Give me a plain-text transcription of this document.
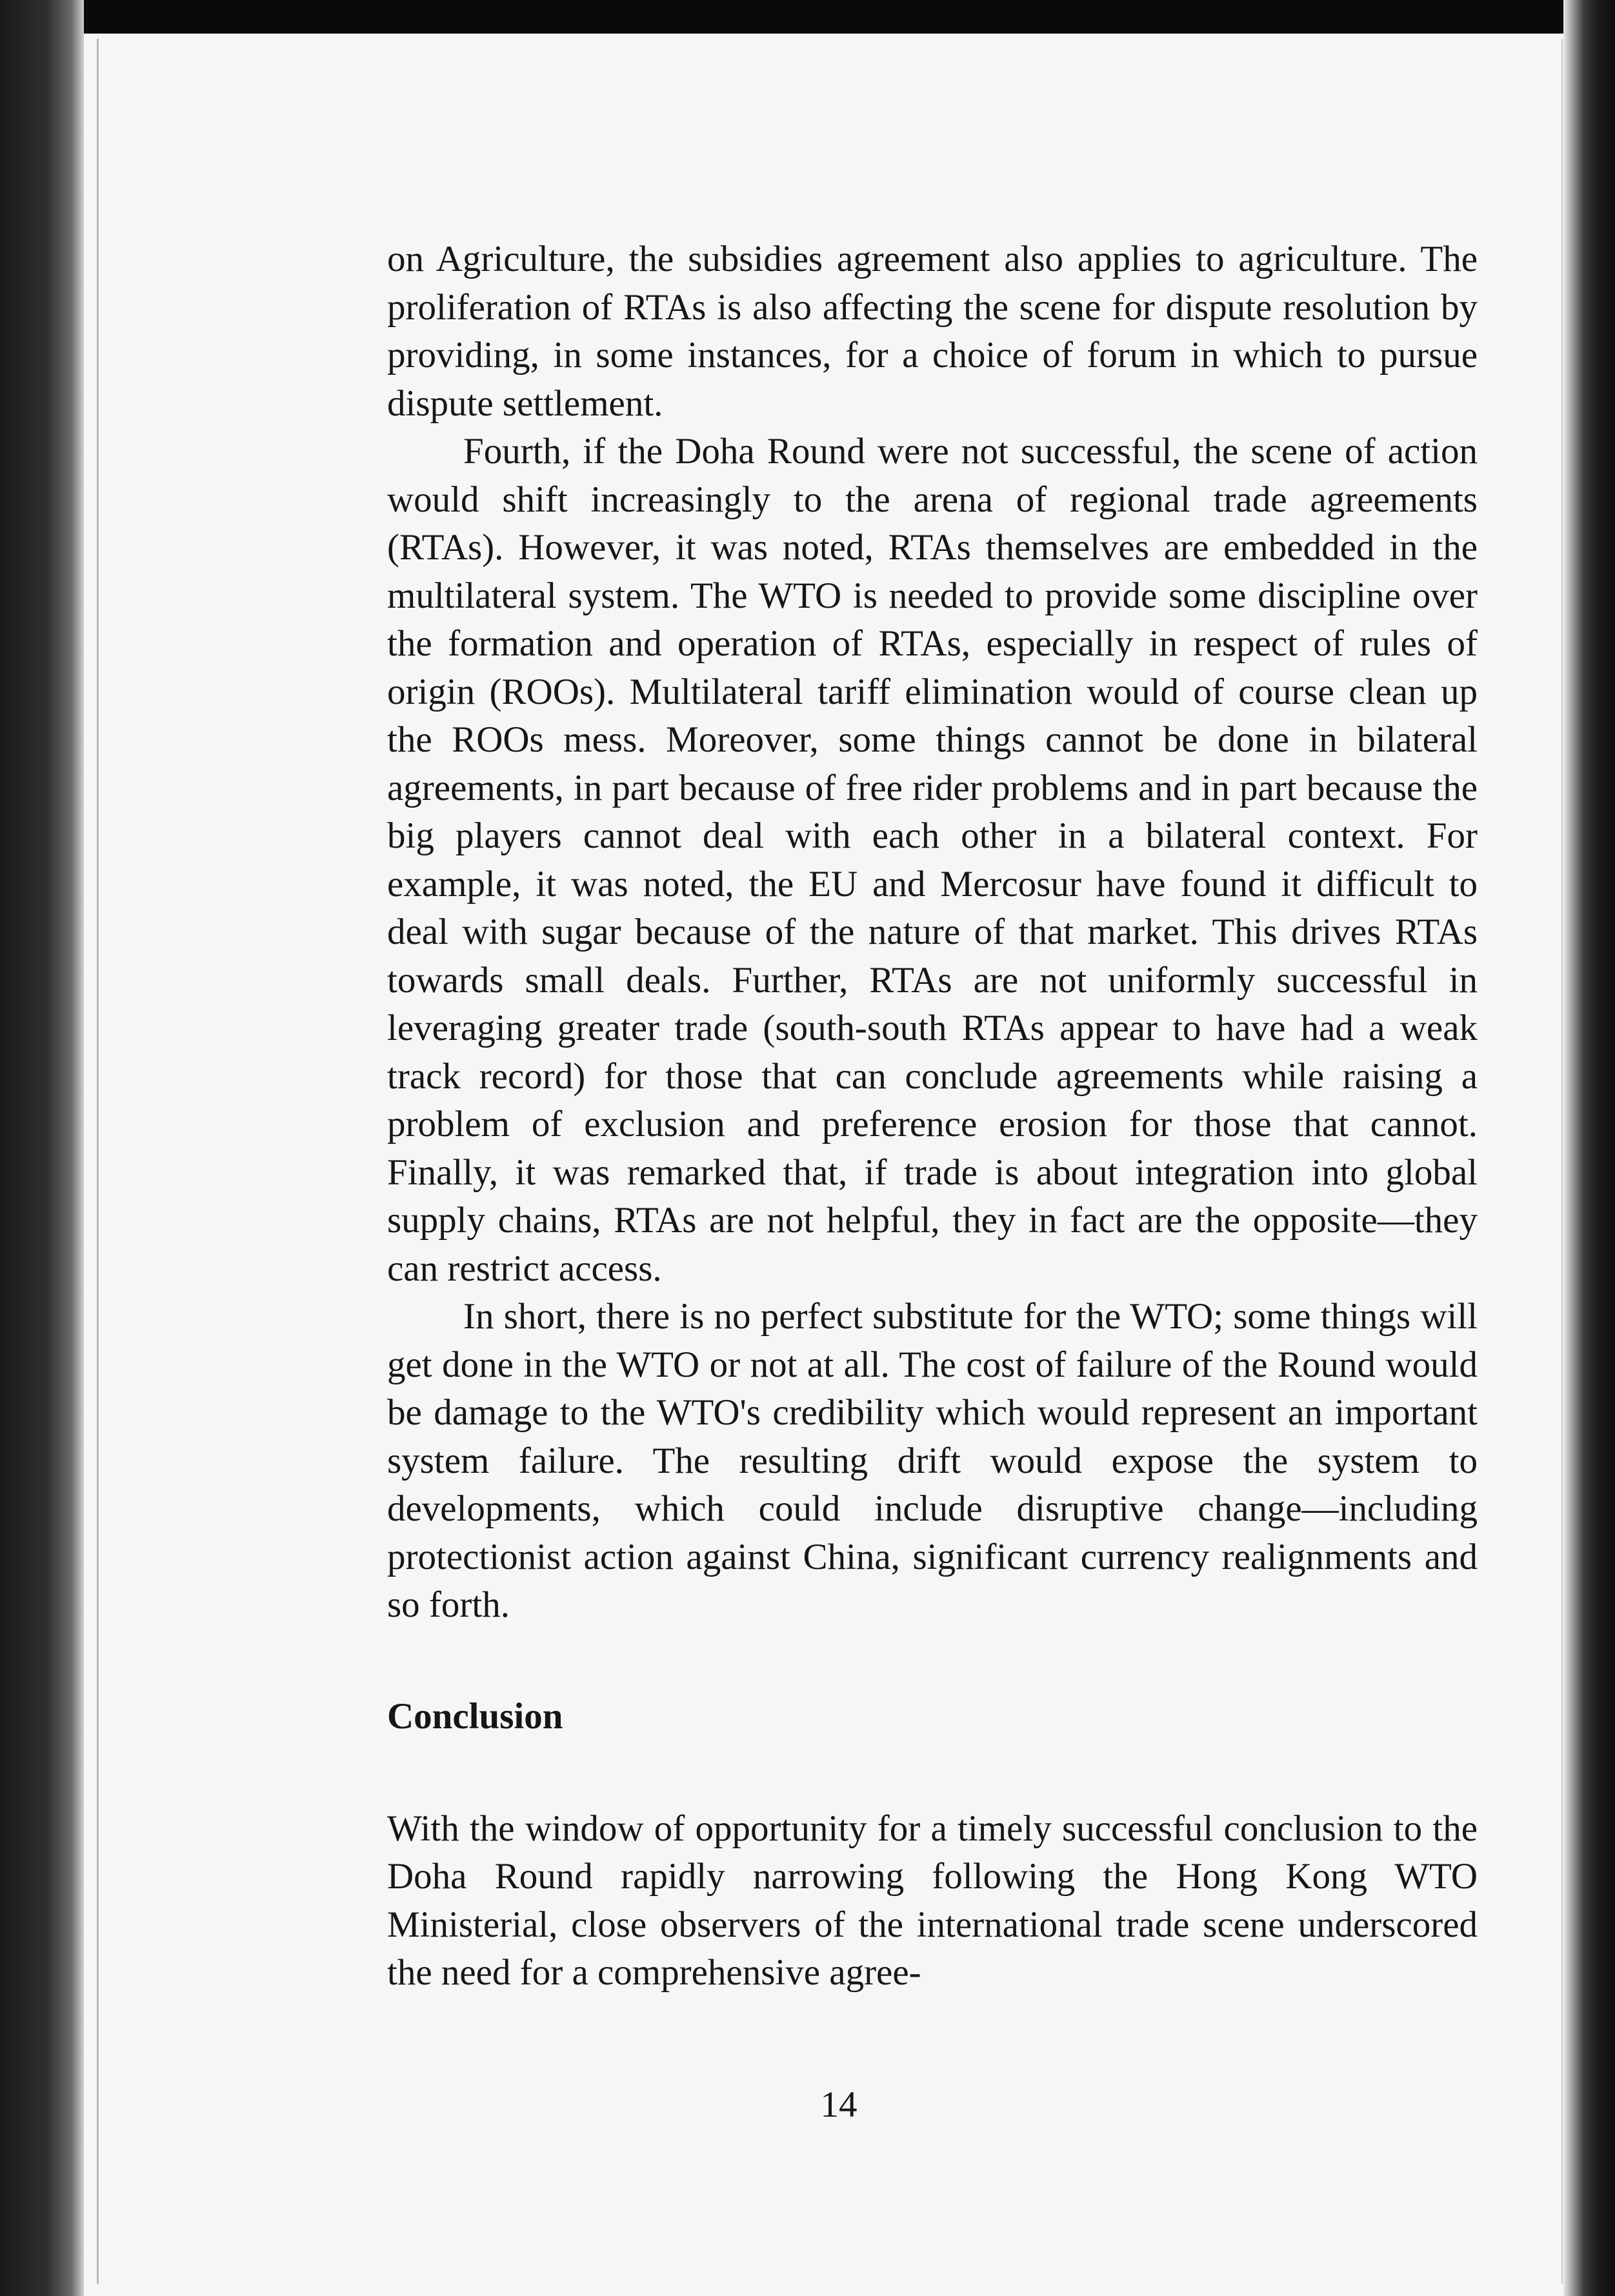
on Agriculture, the subsidies agreement also applies to agriculture. The proliferation of RTAs is also affecting the scene for dispute resolution by providing, in some instances, for a choice of forum in which to pursue dispute settlement.

Fourth, if the Doha Round were not successful, the scene of action would shift increasingly to the arena of regional trade agreements (RTAs). However, it was noted, RTAs themselves are embedded in the multilateral system. The WTO is needed to provide some discipline over the formation and operation of RTAs, especially in respect of rules of origin (ROOs). Multilateral tariff elimination would of course clean up the ROOs mess. Moreover, some things cannot be done in bilateral agreements, in part because of free rider problems and in part because the big players cannot deal with each other in a bilateral context. For example, it was noted, the EU and Mercosur have found it difficult to deal with sugar because of the nature of that market. This drives RTAs towards small deals. Further, RTAs are not uniformly successful in leveraging greater trade (south-south RTAs appear to have had a weak track record) for those that can conclude agreements while raising a problem of exclusion and preference erosion for those that cannot. Finally, it was remarked that, if trade is about integration into global supply chains, RTAs are not helpful, they in fact are the opposite—they can restrict access.

In short, there is no perfect substitute for the WTO; some things will get done in the WTO or not at all. The cost of failure of the Round would be damage to the WTO's credibility which would represent an important system failure. The resulting drift would expose the system to developments, which could include disruptive change—including protectionist action against China, significant currency realignments and so forth.

Conclusion

With the window of opportunity for a timely successful conclusion to the Doha Round rapidly narrowing following the Hong Kong WTO Ministerial, close observers of the international trade scene underscored the need for a comprehensive agree-

14
